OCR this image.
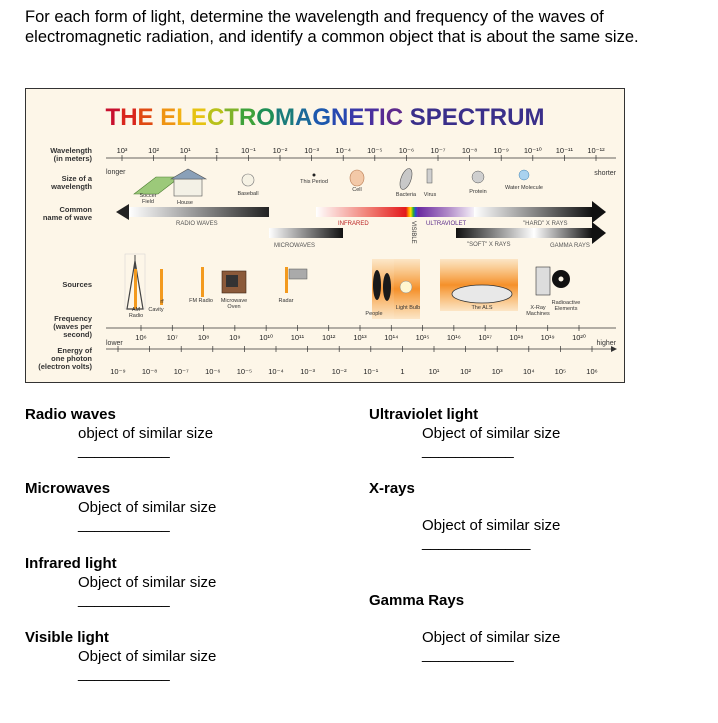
For each form of light, determine the wavelength and frequency of the waves of electromagnetic radiation, and identify a common object that is about the same size.
THE ELECTROMAGNETIC SPECTRUM
Wavelength (in meters)
Size of a wavelength
Common name of wave
Sources
Frequency (waves per second)
Energy of one photon (electron volts)
10³	10²	10¹	1	10⁻¹ 10⁻² 10⁻³ 10⁻⁴ 10⁻⁵ 10⁻⁶ 10⁻⁷ 10⁻⁸ 10⁻⁹ 10⁻¹⁰ 10⁻¹¹ 10⁻¹²
longer	shorter
Soccer Field	House
Baseball
This Period
Cell
Bacteria Virus	Protein
Water Molecule
RADIO WAVES
MICROWAVES
INFRARED	VISIBLE ULTRAVIOLET
"SOFT" X RAYS
"HARD" X RAYS
GAMMA RAYS
AM Radio
Cavity
rf	FM Radio Microwave Oven
Radar
People
Light Bulb	The ALS	X-Ray Machines
Radioactive Elements
10⁶	10⁷	10⁸	10⁹ 10¹⁰ 10¹¹ 10¹² 10¹³ 10¹⁴ 10¹⁵ 10¹⁶ 10¹⁷ 10¹⁸ 10¹⁹ 10²⁰
lower	higher
10⁻⁹ 10⁻⁸ 10⁻⁷ 10⁻⁶ 10⁻⁵ 10⁻⁴ 10⁻³ 10⁻² 10⁻¹	1	10¹	10²	10³	10⁴	10⁵	10⁶
Radio waves
object of similar size
___________
Microwaves
Object of similar size
___________
Infrared light
Object of similar size
___________
Visible light
Object of similar size
___________
Ultraviolet light
Object of similar size
___________
X-rays
Object of similar size
_____________
Gamma Rays
Object of similar size
___________
